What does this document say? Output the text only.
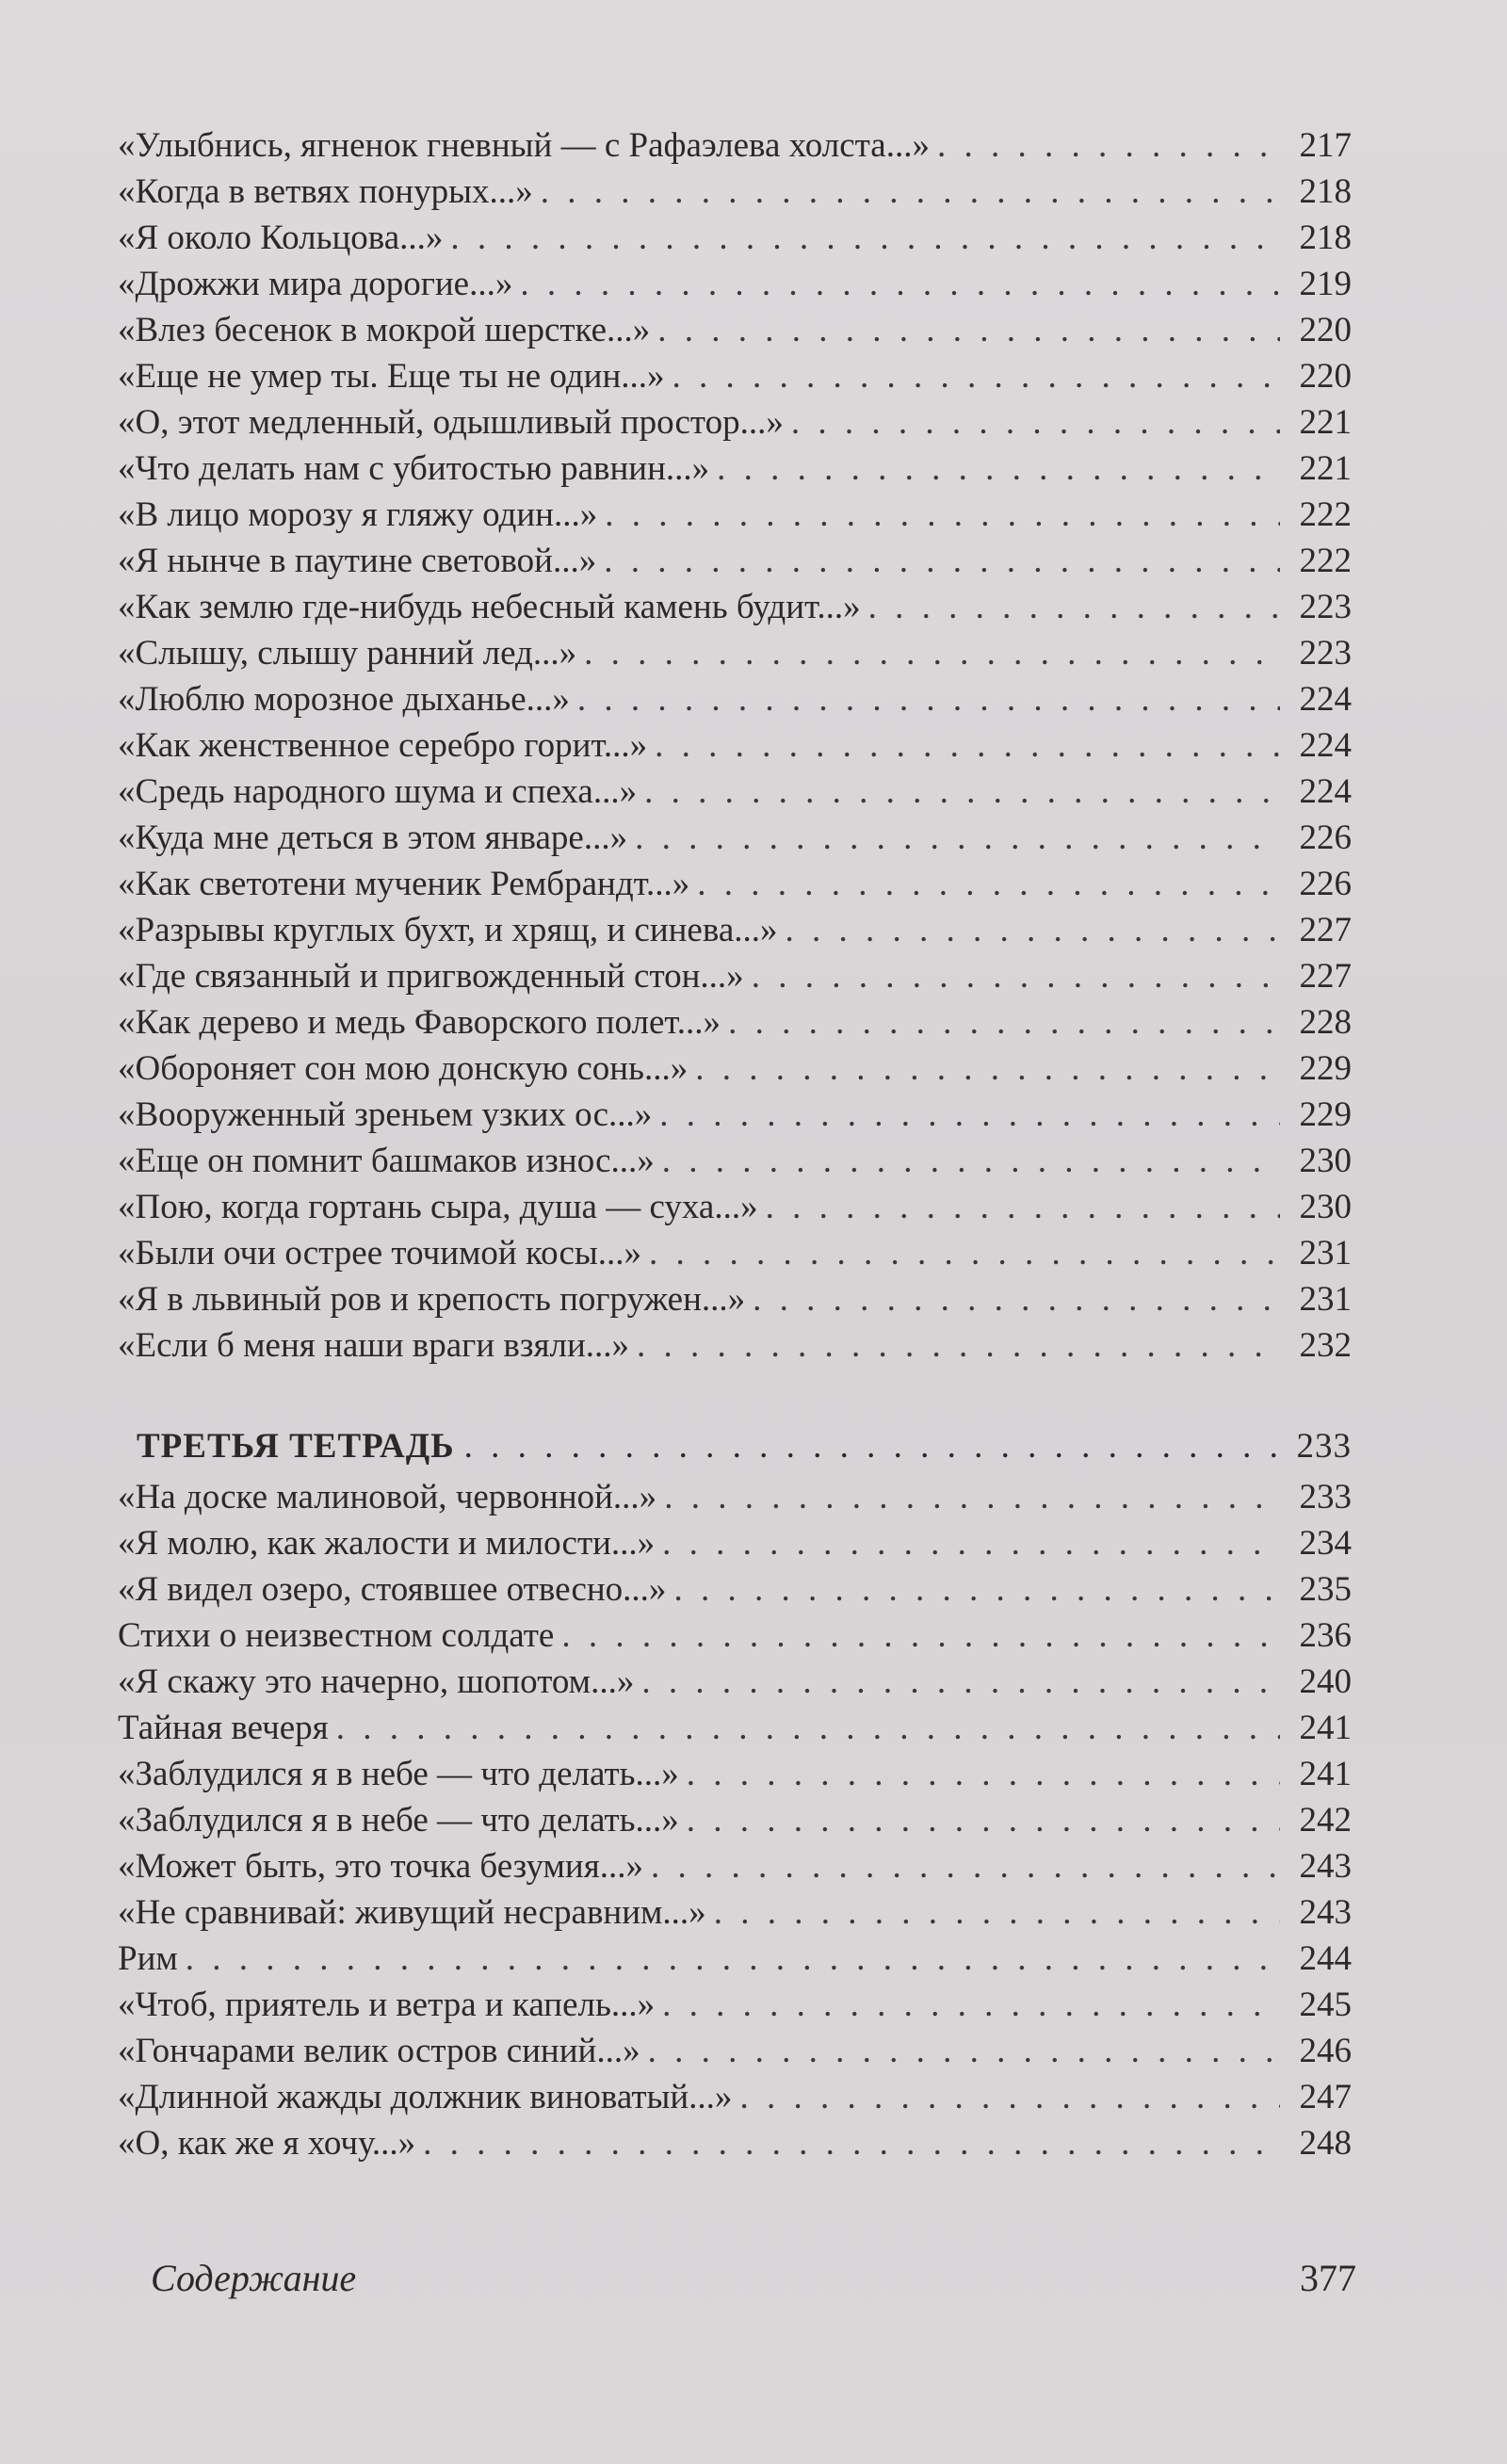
«Улыбнись, ягненок гневный — с Рафаэлева холста...» . . .	217
«Когда в ветвях понурых...» . . .	218
«Я около Кольцова...» . . .	218
«Дрожжи мира дорогие...» . . .	219
«Влез бесенок в мокрой шерстке...» . . .	220
«Еще не умер ты. Еще ты не один...» . . .	220
«О, этот медленный, одышливый простор...» . . .	221
«Что делать нам с убитостью равнин...» . . .	221
«В лицо морозу я гляжу один...» . . .	222
«Я нынче в паутине световой...» . . .	222
«Как землю где-нибудь небесный камень будит...» . . .	223
«Слышу, слышу ранний лед...» . . .	223
«Люблю морозное дыханье...» . . .	224
«Как женственное серебро горит...» . . .	224
«Средь народного шума и спеха...» . . .	224
«Куда мне деться в этом январе...» . . .	226
«Как светотени мученик Рембрандт...» . . .	226
«Разрывы круглых бухт, и хрящ, и синева...» . . .	227
«Где связанный и пригвожденный стон...» . . .	227
«Как дерево и медь Фаворского полет...» . . .	228
«Обороняет сон мою донскую сонь...» . . .	229
«Вооруженный зреньем узких ос...» . . .	229
«Еще он помнит башмаков износ...» . . .	230
«Пою, когда гортань сыра, душа — суха...» . . .	230
«Были очи острее точимой косы...» . . .	231
«Я в львиный ров и крепость погружен...» . . .	231
«Если б меня наши враги взяли...» . . .	232
ТРЕТЬЯ ТЕТРАДЬ . . .	233
«На доске малиновой, червонной...» . . .	233
«Я молю, как жалости и милости...» . . .	234
«Я видел озеро, стоявшее отвесно...» . . .	235
Стихи о неизвестном солдате . . .	236
«Я скажу это начерно, шопотом...» . . .	240
Тайная вечеря . . .	241
«Заблудился я в небе — что делать...» . . .	241
«Заблудился я в небе — что делать...» . . .	242
«Может быть, это точка безумия...» . . .	243
«Не сравнивай: живущий несравним...» . . .	243
Рим . . .	244
«Чтоб, приятель и ветра и капель...» . . .	245
«Гончарами велик остров синий...» . . .	246
«Длинной жажды должник виноватый...» . . .	247
«О, как же я хочу...» . . .	248
Содержание	377
